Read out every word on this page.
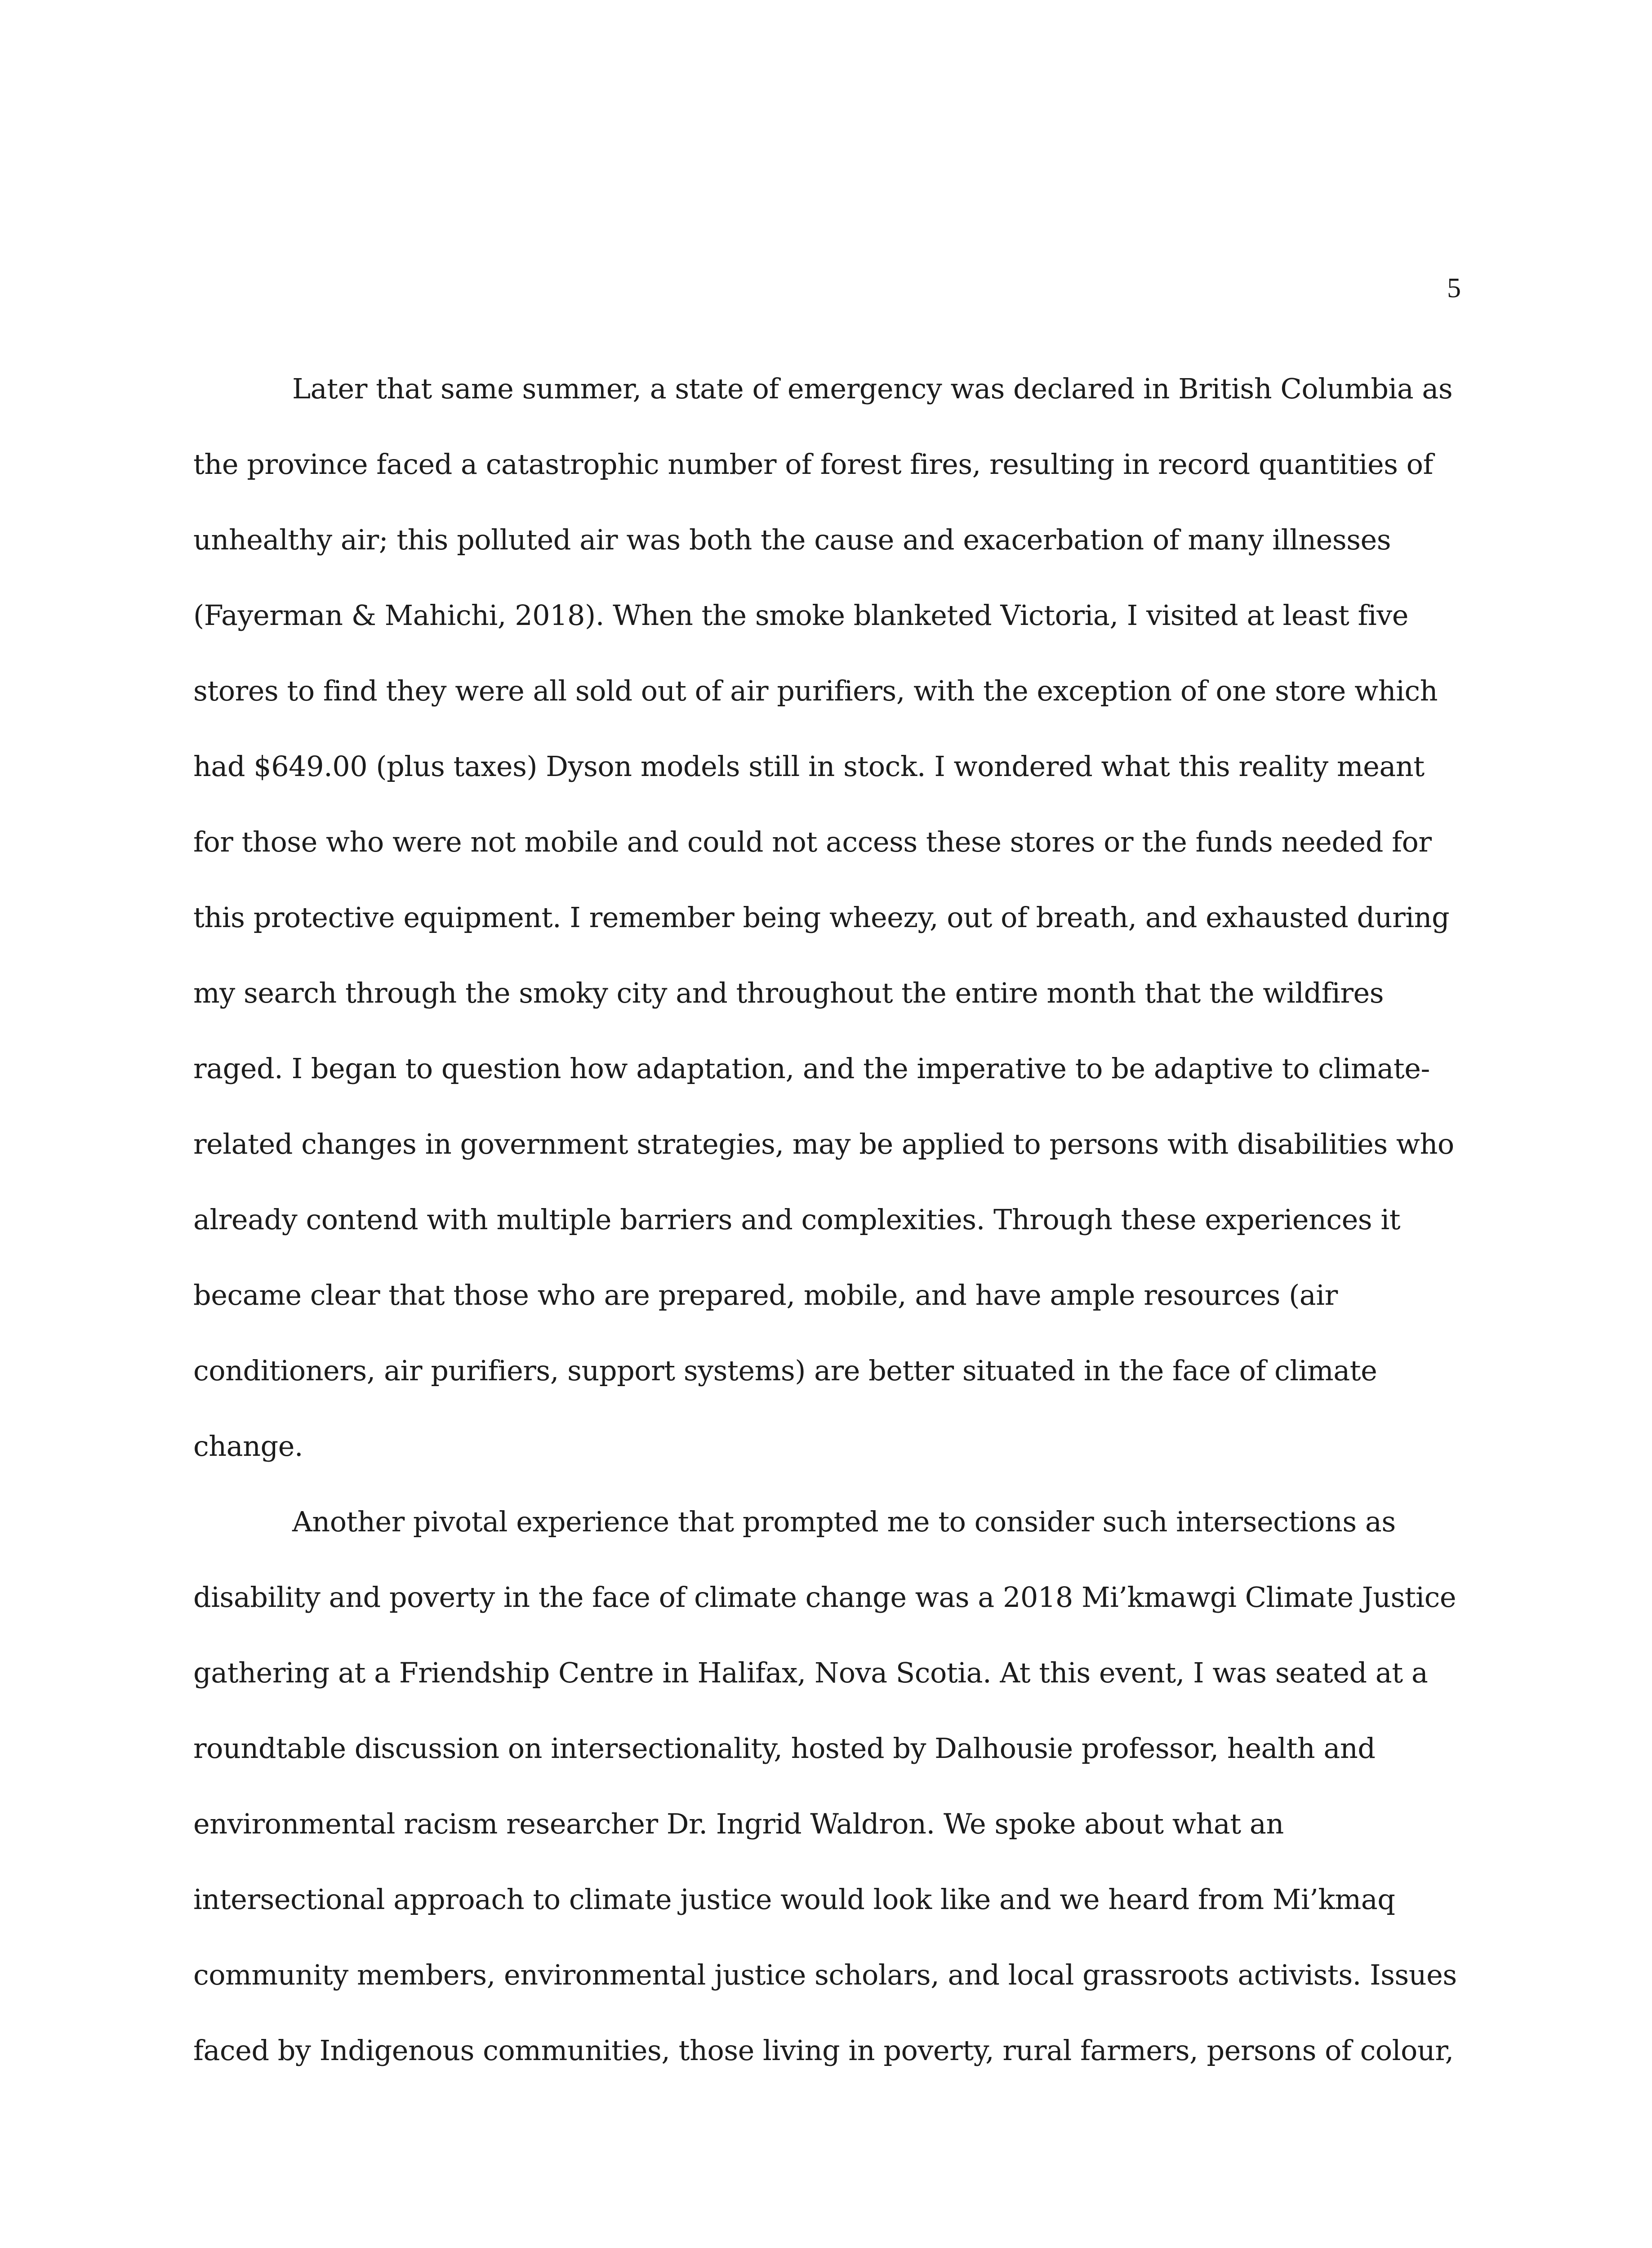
5

Later that same summer, a state of emergency was declared in British Columbia as

the province faced a catastrophic number of forest fires, resulting in record quantities of

unhealthy air; this polluted air was both the cause and exacerbation of many illnesses

(Fayerman & Mahichi, 2018). When the smoke blanketed Victoria, I visited at least five

stores to find they were all sold out of air purifiers, with the exception of one store which

had $649.00 (plus taxes) Dyson models still in stock. I wondered what this reality meant

for those who were not mobile and could not access these stores or the funds needed for

this protective equipment. I remember being wheezy, out of breath, and exhausted during

my search through the smoky city and throughout the entire month that the wildfires

raged. I began to question how adaptation, and the imperative to be adaptive to climate-

related changes in government strategies, may be applied to persons with disabilities who

already contend with multiple barriers and complexities. Through these experiences it

became clear that those who are prepared, mobile, and have ample resources (air

conditioners, air purifiers, support systems) are better situated in the face of climate

change.

Another pivotal experience that prompted me to consider such intersections as

disability and poverty in the face of climate change was a 2018 Mi’kmawgi Climate Justice

gathering at a Friendship Centre in Halifax, Nova Scotia. At this event, I was seated at a

roundtable discussion on intersectionality, hosted by Dalhousie professor, health and

environmental racism researcher Dr. Ingrid Waldron. We spoke about what an

intersectional approach to climate justice would look like and we heard from Mi’kmaq

community members, environmental justice scholars, and local grassroots activists. Issues

faced by Indigenous communities, those living in poverty, rural farmers, persons of colour,
